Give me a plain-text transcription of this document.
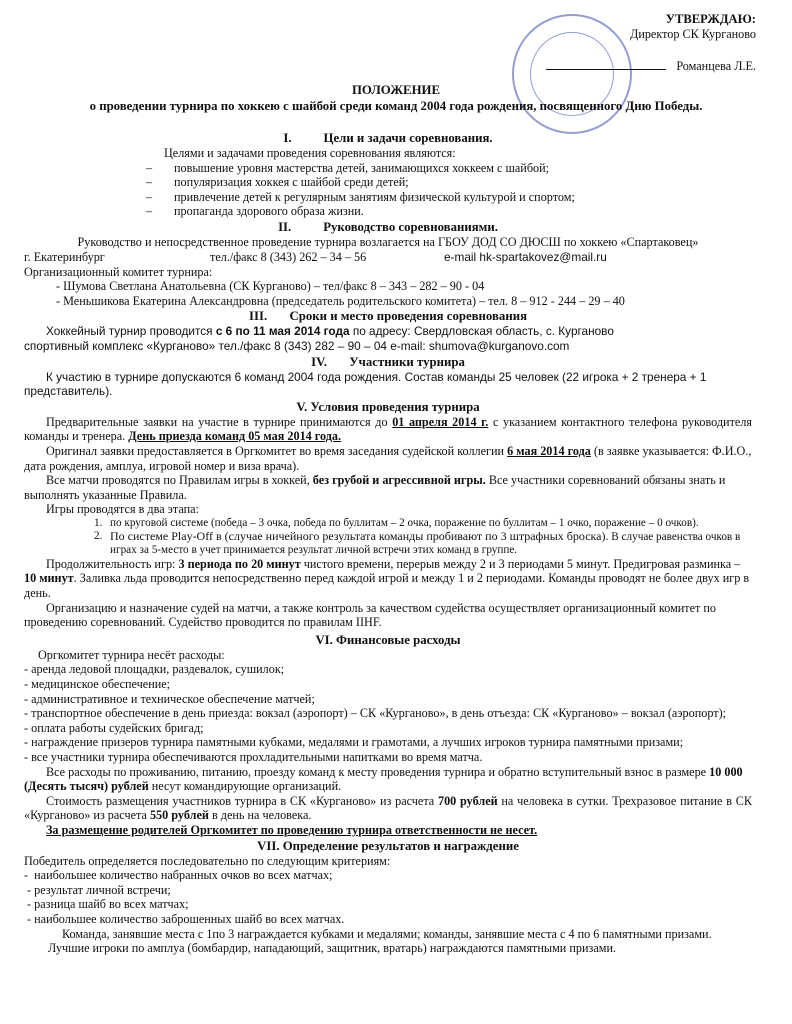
УТВЕРЖДАЮ:
Директор СК Курганово
Романцева Л.Е.
ПОЛОЖЕНИЕ
о проведении турнира по хоккею с шайбой среди команд 2004 года рождения, посвященного Дню Победы.
I.          Цели и задачи соревнования.

Целями и задачами проведения соревнования являются:

– повышение уровня мастерства детей, занимающихся хоккеем с шайбой;

– популяризация хоккея с шайбой среди детей;

– привлечение детей к регулярным занятиям физической культурой и спортом;

– пропаганда здорового образа жизни.

II.          Руководство соревнованиями.

Руководство и непосредственное проведение турнира возлагается на ГБОУ ДОД СО ДЮСШ по хоккею «Спартаковец»

г. Екатеринбург	тел./факс 8 (343) 262 – 34 – 56	e-mail hk-spartakovez@mail.ru

Организационный комитет турнира:

- Шумова Светлана Анатольевна (СК Курганово) – тел/факс 8 – 343 – 282 – 90 - 04

- Меньшикова Екатерина Александровна (председатель родительского комитета) – тел. 8 – 912 - 244 – 29 – 40

III.       Сроки и место проведения соревнования

Хоккейный турнир проводится с 6 по 11 мая 2014 года по адресу: Свердловская область, с. Курганово

спортивный комплекс «Курганово» тел./факс 8 (343) 282 – 90 – 04 e-mail: shumova@kurganovo.com

IV.       Участники турнира

К участию в турнире допускаются 6 команд 2004 года рождения. Состав команды 25 человек (22 игрока + 2 тренера + 1 представитель).

V. Условия проведения турнира

Предварительные заявки на участие в турнире принимаются до 01 апреля 2014 г. с указанием контактного телефона руководителя команды и тренера. День приезда команд 05 мая 2014 года.

Оригинал заявки предоставляется в Оргкомитет во время заседания судейской коллегии 6 мая 2014 года (в заявке указывается: Ф.И.О., дата рождения, амплуа, игровой номер и виза врача).

Все матчи проводятся по Правилам игры в хоккей, без грубой и агрессивной игры. Все участники соревнований обязаны знать и выполнять указанные Правила.

Игры проводятся в два этапа:

1. по круговой системе (победа – 3 очка, победа по буллитам – 2 очка, поражение по буллитам – 1 очко, поражение – 0 очков).

2. По системе Play-Off в (случае ничейного результата команды пробивают по 3 штрафных броска). В случае равенства очков в играх за 5-место в учет принимается результат личной встречи этих команд в группе.

Продолжительность игр: 3 периода по 20 минут чистого времени, перерыв между 2 и 3 периодами 5 минут. Предигровая разминка – 10 минут. Заливка льда проводится непосредственно перед каждой игрой и между 1 и 2 периодами. Команды проводят не более двух игр в день.

Организацию и назначение судей на матчи, а также контроль за качеством судейства осуществляет организационный комитет по проведению соревнований. Судейство проводится по правилам IIHF.

VI. Финансовые расходы

Оргкомитет турнира несёт расходы:

- аренда ледовой площадки, раздевалок, сушилок;

- медицинское обеспечение;

- административное и техническое обеспечение матчей;

- транспортное обеспечение в день приезда: вокзал (аэропорт) – СК «Курганово», в день отъезда: СК «Курганово» – вокзал (аэропорт);

- оплата работы судейских бригад;

- награждение призеров турнира памятными кубками, медалями и грамотами, а лучших игроков турнира памятными призами;

- все участники турнира обеспечиваются прохладительными напитками во время матча.

Все расходы по проживанию, питанию, проезду команд к месту проведения турнира и обратно вступительный взнос в размере 10 000 (Десять тысяч) рублей несут командирующие организаций.

Стоимость размещения участников турнира в СК «Курганово» из расчета 700 рублей на человека в сутки. Трехразовое питание в СК «Курганово» из расчета 550 рублей в день на человека.

За размещение родителей Оргкомитет по проведению турнира ответственности не несет.

VII. Определение результатов и награждение

Победитель определяется последовательно по следующим критериям:

-  наибольшее количество набранных очков во всех матчах;

- результат личной встречи;

- разница шайб во всех матчах;

- наибольшее количество заброшенных шайб во всех матчах.

Команда, занявшие места с 1по 3 награждается кубками и медалями; команды, занявшие места с 4 по 6 памятными призами.

Лучшие игроки по амплуа (бомбардир, нападающий, защитник, вратарь) награждаются памятными призами.
